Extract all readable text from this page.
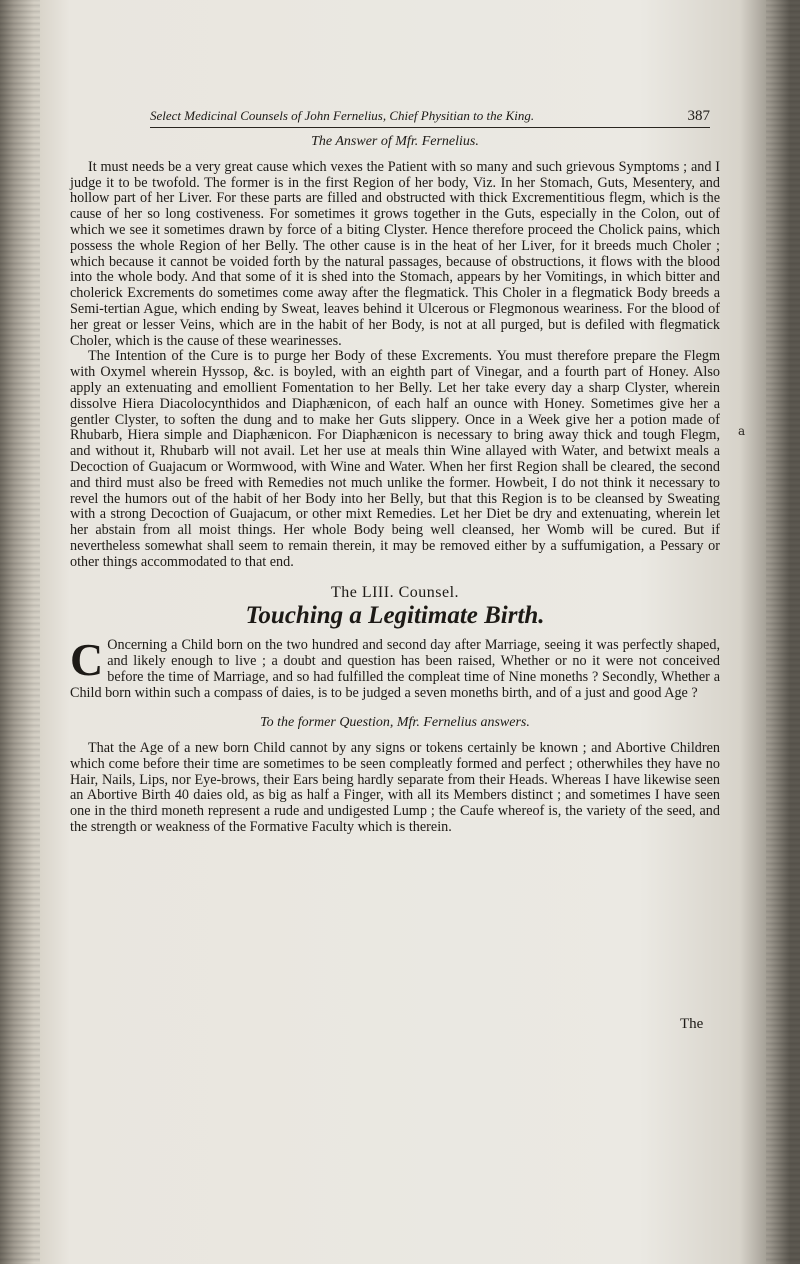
Select Medicinal Counsels of John Fernelius, Chief Physitian to the King.	387
The Answer of Mfr. Fernelius.

It must needs be a very great cause which vexes the Patient with so many and such grievous Symptoms ; and I judge it to be twofold. The former is in the first Region of her body, Viz. In her Stomach, Guts, Mesentery, and hollow part of her Liver. For these parts are filled and obstructed with thick Excrementitious flegm, which is the cause of her so long costiveness. For sometimes it grows together in the Guts, especially in the Colon, out of which we see it sometimes drawn by force of a biting Clyster. Hence therefore proceed the Cholick pains, which possess the whole Region of her Belly. The other cause is in the heat of her Liver, for it breeds much Choler ; which because it cannot be voided forth by the natural passages, because of obstructions, it flows with the blood into the whole body. And that some of it is shed into the Stomach, appears by her Vomitings, in which bitter and cholerick Excrements do sometimes come away after the flegmatick. This Choler in a flegmatick Body breeds a Semi-tertian Ague, which ending by Sweat, leaves behind it Ulcerous or Flegmonous weariness. For the blood of her great or lesser Veins, which are in the habit of her Body, is not at all purged, but is defiled with flegmatick Choler, which is the cause of these wearinesses.

The Intention of the Cure is to purge her Body of these Excrements. You must therefore prepare the Flegm with Oxymel wherein Hyssop, &c. is boyled, with an eighth part of Vinegar, and a fourth part of Honey. Also apply an extenuating and emollient Fomentation to her Belly. Let her take every day a sharp Clyster, wherein dissolve Hiera Diacolocynthidos and Diaphænicon, of each half an ounce with Honey. Sometimes give her a gentler Clyster, to soften the dung and to make her Guts slippery. Once in a Week give her a potion made of Rhubarb, Hiera simple and Diaphænicon. For Diaphænicon is necessary to bring away thick and tough Flegm, and without it, Rhubarb will not avail. Let her use at meals thin Wine allayed with Water, and betwixt meals a Decoction of Guajacum or Wormwood, with Wine and Water. When her first Region shall be cleared, the second and third must also be freed with Remedies not much unlike the former. Howbeit, I do not think it necessary to revel the humors out of the habit of her Body into her Belly, but that this Region is to be cleansed by Sweating with a strong Decoction of Guajacum, or other mixt Remedies. Let her Diet be dry and extenuating, wherein let her abstain from all moist things. Her whole Body being well cleansed, her Womb will be cured. But if nevertheless somewhat shall seem to remain therein, it may be removed either by a suffumigation, a Pessary or other things accommodated to that end.

The LIII. Counsel.
Touching a Legitimate Birth.
C Oncerning a Child born on the two hundred and second day after Marriage, seeing it was perfectly shaped, and likely enough to live ; a doubt and question has been raised, Whether or no it were not conceived before the time of Marriage, and so had fulfilled the compleat time of Nine moneths ? Secondly, Whether a Child born within such a compass of daies, is to be judged a seven moneths birth, and of a just and good Age ?

To the former Question, Mfr. Fernelius answers.

That the Age of a new born Child cannot by any signs or tokens certainly be known ; and Abortive Children which come before their time are sometimes to be seen compleatly formed and perfect ; otherwhiles they have no Hair, Nails, Lips, nor Eye-brows, their Ears being hardly separate from their Heads. Whereas I have likewise seen an Abortive Birth 40 daies old, as big as half a Finger, with all its Members distinct ; and sometimes I have seen one in the third moneth represent a rude and undigested Lump ; the Caufe whereof is, the variety of the seed, and the strength or weakness of the Formative Faculty which is therein.

The
a
